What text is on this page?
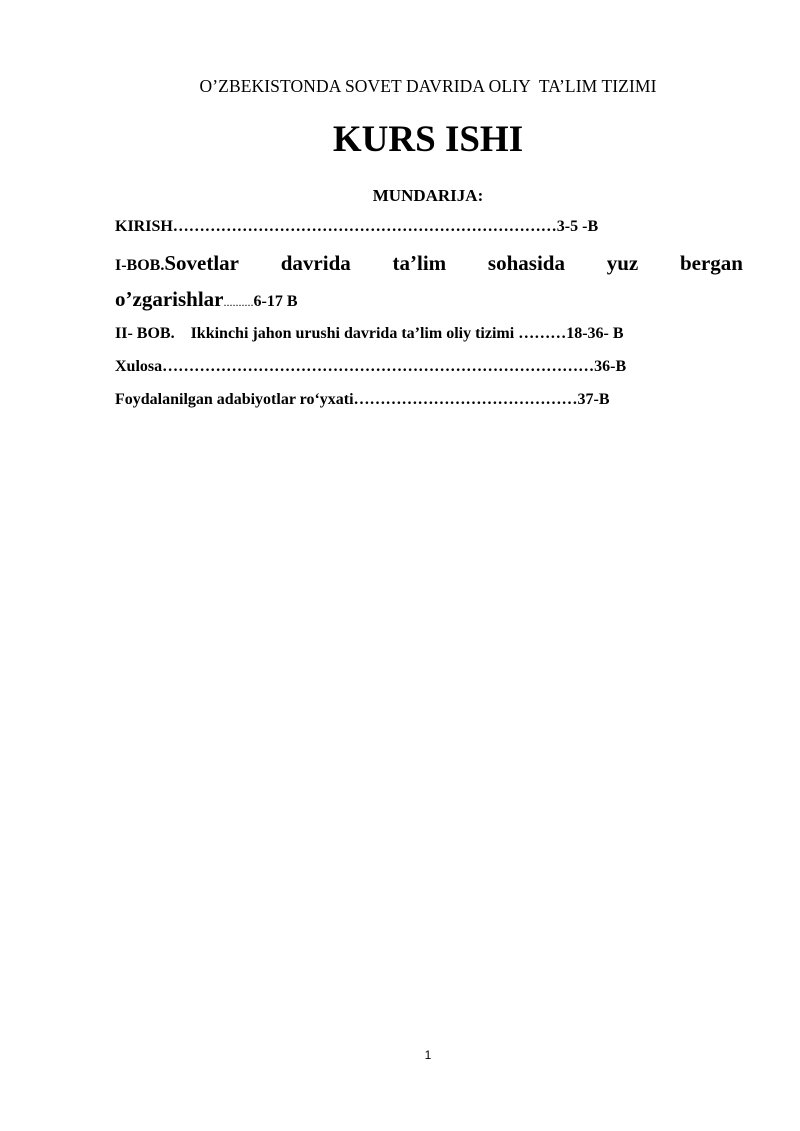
O’ZBEKISTONDA SOVET DAVRIDA OLIY  TA’LIM TIZIMI
KURS ISHI
MUNDARIJA:
KIRISH………………………………………………………………3-5 -B
I-BOB.Sovetlar davrida ta’lim sohasida yuz bergan
o’zgarishlar..........6-17 B
II- BOB. Ikkinchi jahon urushi davrida ta’lim oliy tizimi ………18-36- B
Xulosa………………………………………………………………………36-B
Foydalanilgan adabiyotlar ro‘yxati……………………………………37-B
1
